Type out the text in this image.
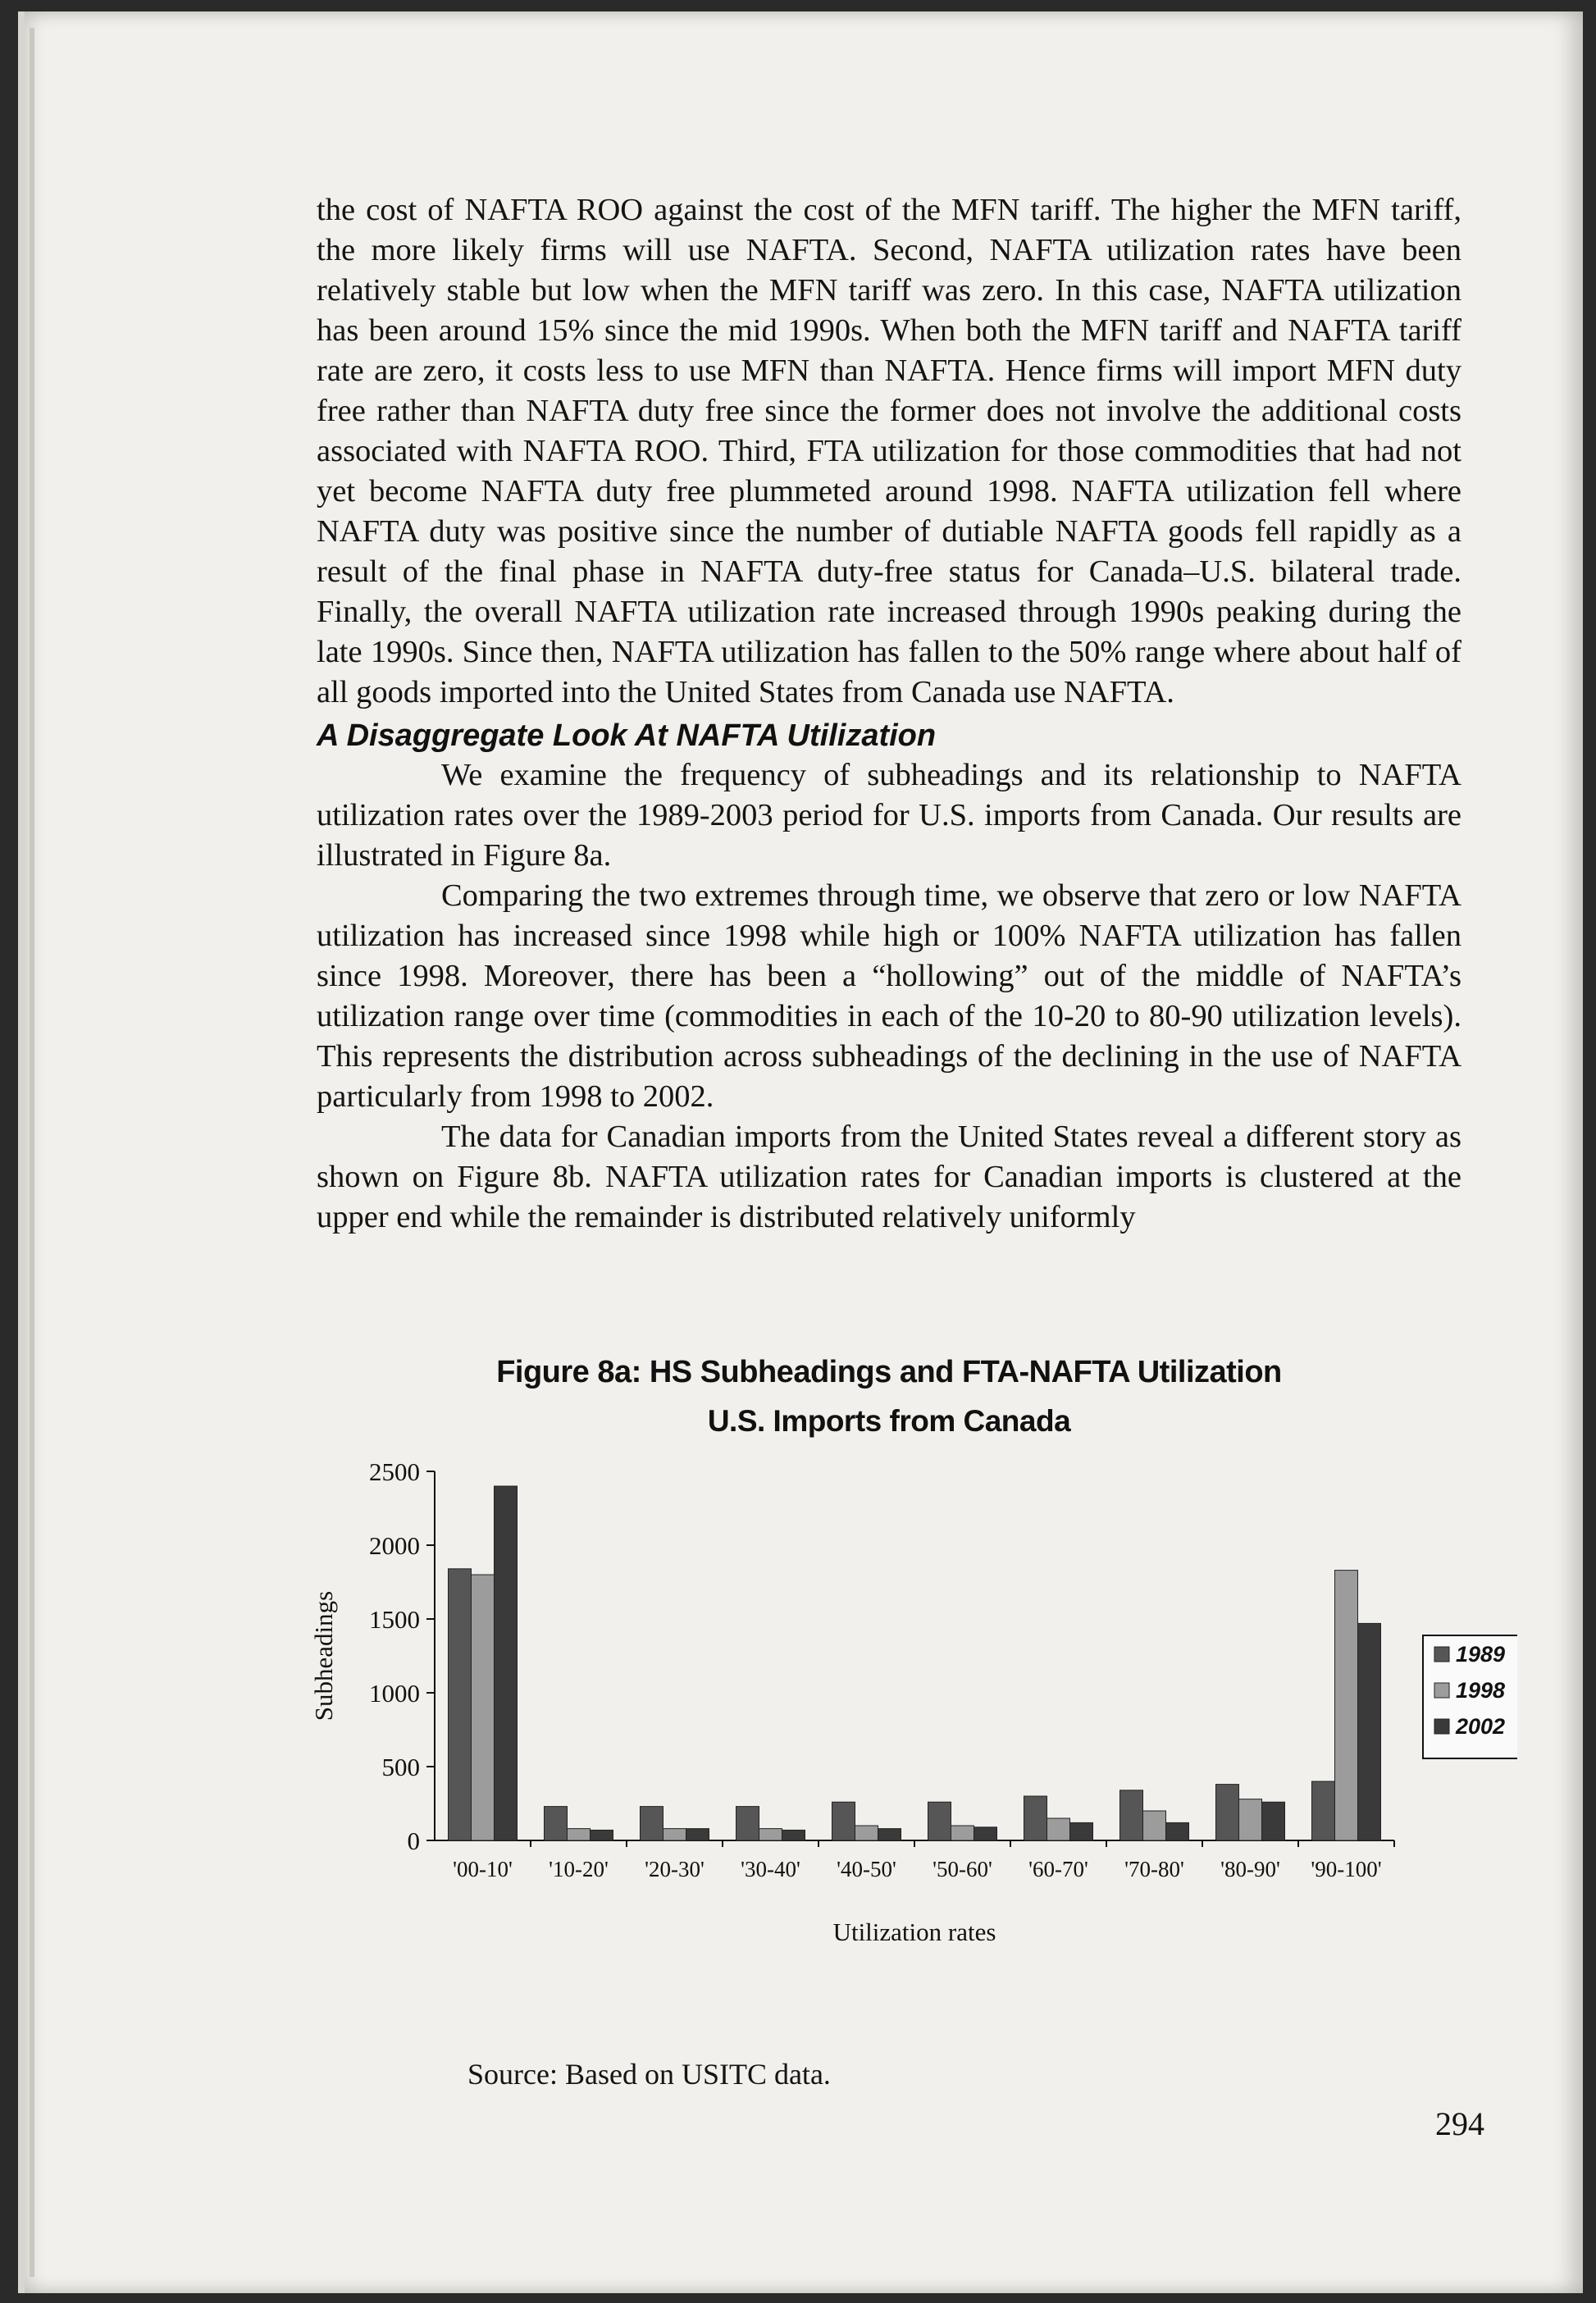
the cost of NAFTA ROO against the cost of the MFN tariff. The higher the MFN tariff, the more likely firms will use NAFTA. Second, NAFTA utilization rates have been relatively stable but low when the MFN tariff was zero. In this case, NAFTA utilization has been around 15% since the mid 1990s. When both the MFN tariff and NAFTA tariff rate are zero, it costs less to use MFN than NAFTA. Hence firms will import MFN duty free rather than NAFTA duty free since the former does not involve the additional costs associated with NAFTA ROO. Third, FTA utilization for those commodities that had not yet become NAFTA duty free plummeted around 1998. NAFTA utilization fell where NAFTA duty was positive since the number of dutiable NAFTA goods fell rapidly as a result of the final phase in NAFTA duty-free status for Canada–U.S. bilateral trade. Finally, the overall NAFTA utilization rate increased through 1990s peaking during the late 1990s. Since then, NAFTA utilization has fallen to the 50% range where about half of all goods imported into the United States from Canada use NAFTA.

A Disaggregate Look At NAFTA Utilization

We examine the frequency of subheadings and its relationship to NAFTA utilization rates over the 1989-2003 period for U.S. imports from Canada. Our results are illustrated in Figure 8a.

Comparing the two extremes through time, we observe that zero or low NAFTA utilization has increased since 1998 while high or 100% NAFTA utilization has fallen since 1998. Moreover, there has been a “hollowing” out of the middle of NAFTA’s utilization range over time (commodities in each of the 10-20 to 80-90 utilization levels). This represents the distribution across subheadings of the declining in the use of NAFTA particularly from 1998 to 2002.

The data for Canadian imports from the United States reveal a different story as shown on Figure 8b. NAFTA utilization rates for Canadian imports is clustered at the upper end while the remainder is distributed relatively uniformly

Figure 8a: HS Subheadings and FTA-NAFTA Utilization
U.S. Imports from Canada
0
500
1000
1500
2000
2500
'00-10' '10-20' '20-30' '30-40' '40-50' '50-60' '60-70' '70-80' '80-90' '90-100'
Utilization rates
Subheadings	1989
1998
2002
Source: Based on USITC data.
294
